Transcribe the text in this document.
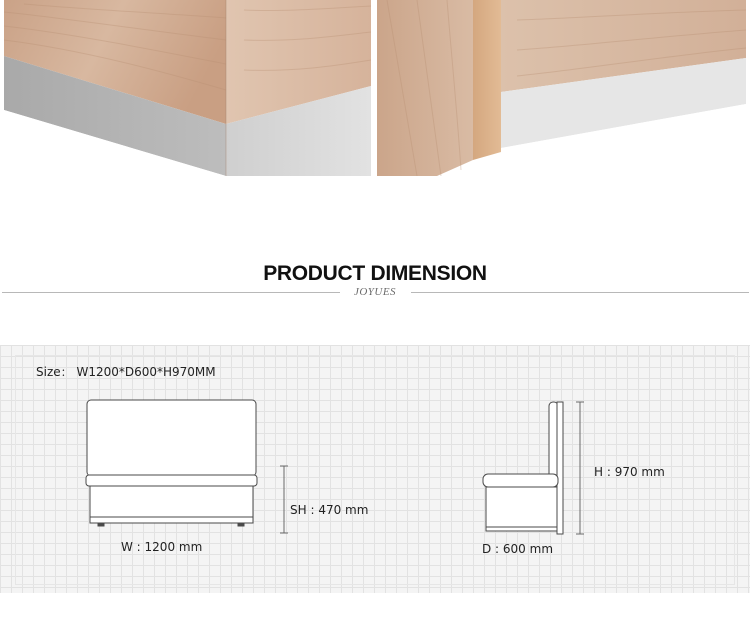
PRODUCT DIMENSION
JOYUES
Size： W1200*D600*H970MM
W : 1200 mm
SH : 470 mm
H : 970 mm
D : 600 mm
